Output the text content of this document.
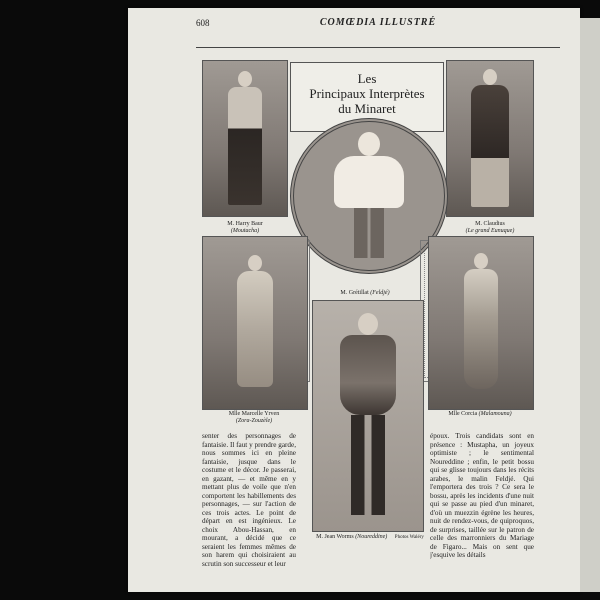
608	COMŒDIA ILLUSTRÉ
Les
Principaux Interprètes
du Minaret
M. Harry Baur
(Moutacha)
M. Claudius
(Le grand Eunuque)
M. Grétillat (Feldjé)
Mlle Marcelle Yrven
(Zora-Zouzèle)
Mlle Corcia (Malamouna)
M. Jean Worms (Noureddine) Photos Waléry
senter des personnages de fantaisie. Il faut y prendre garde, nous sommes ici en pleine fantaisie, jusque dans le costume et le décor. Je passerai, en gazant, — et même en y mettant plus de voile que n'en comportent les habillements des personnages, — sur l'action de ces trois actes. Le point de départ en est ingénieux. Le choix Abou-Hassan, en mourant, a décidé que ce seraient les femmes mêmes de son harem qui choisiraient au scrutin son successeur et leur
époux. Trois candidats sont en présence : Mustapha, un joyeux optimiste ; le sentimental Noureddine ; enfin, le petit bossu qui se glisse toujours dans les récits arabes, le malin Feldjé. Qui l'emportera des trois ? Ce sera le bossu, après les incidents d'une nuit qui se passe au pied d'un minaret, d'où un muezzin égrène les heures, nuit de rendez-vous, de quiproquos, de surprises, taillée sur le patron de celle des marronniers du Mariage de Figaro... Mais on sent que j'esquive les détails
